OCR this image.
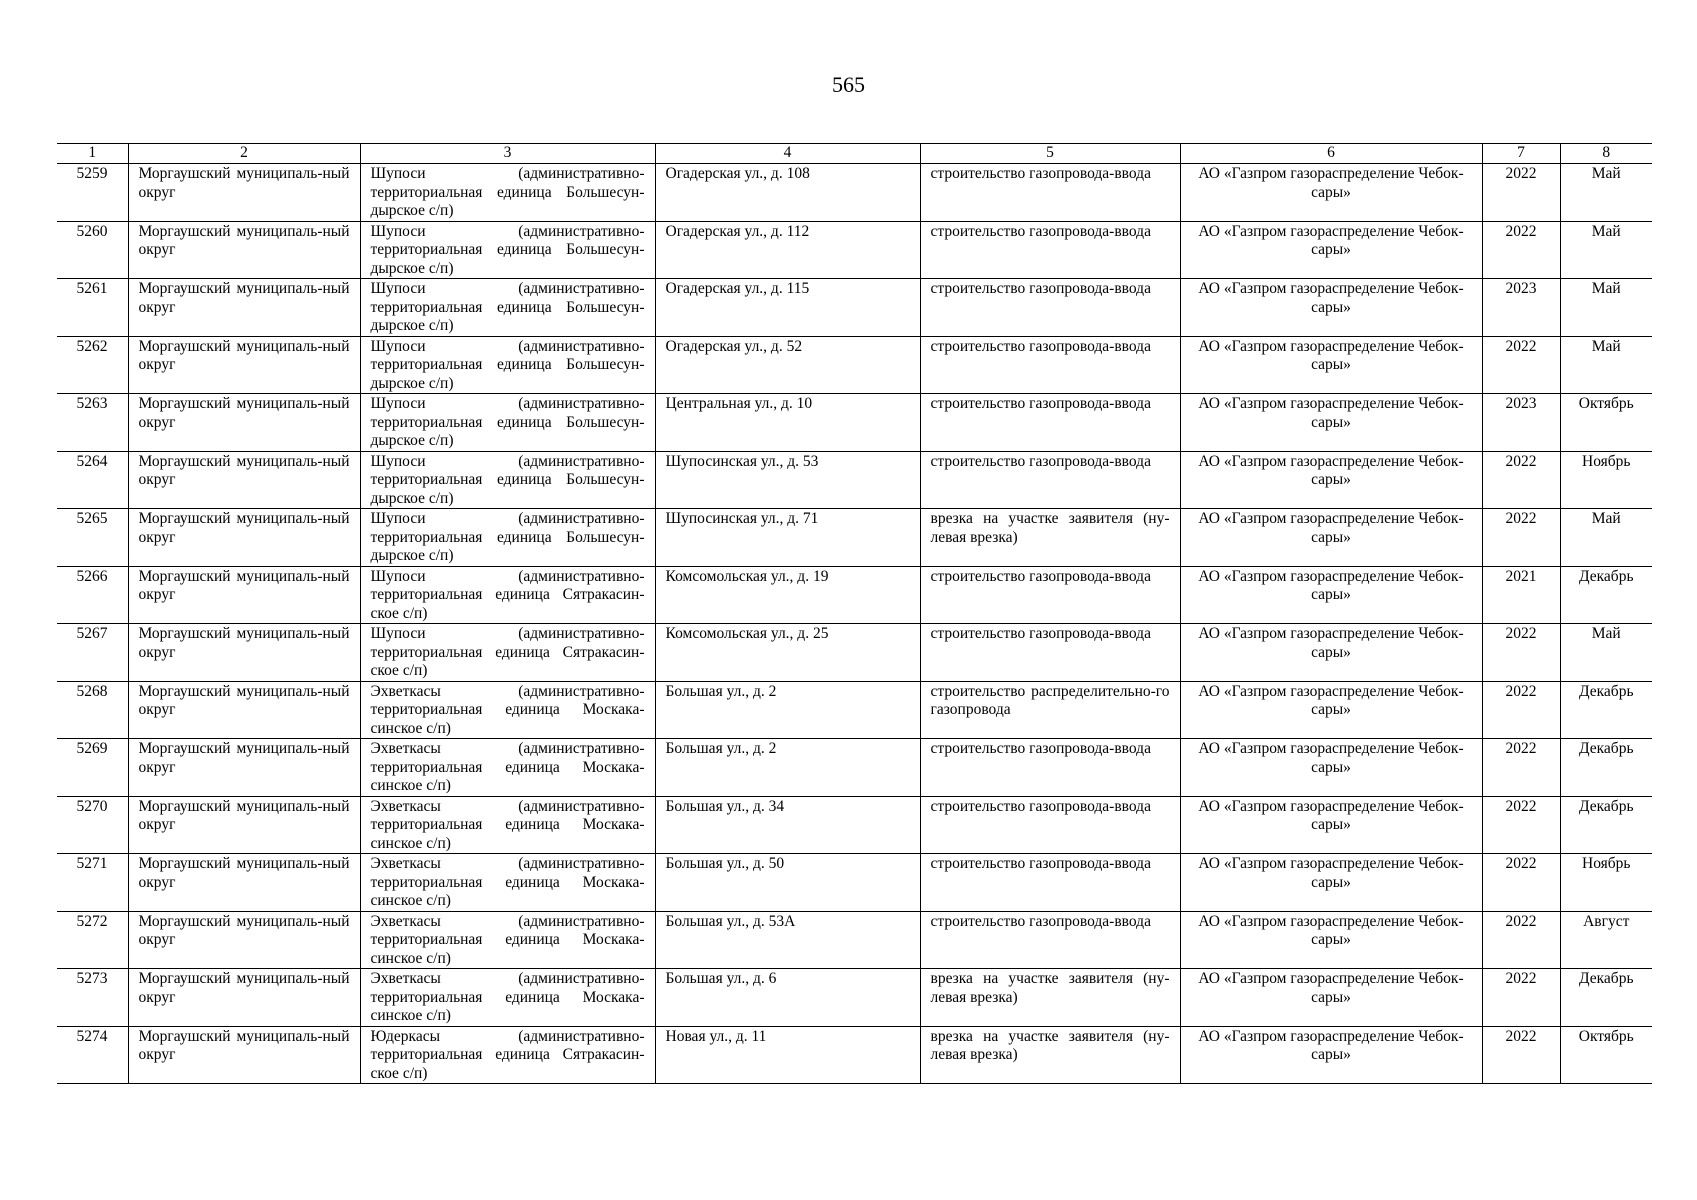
565
1	2	3	4	5	6	7	8
5259	Моргаушский муниципаль-ный округ	Шупоси (административно-территориальная единица Большесун-дырское с/п)	Огадерская ул., д. 108	строительство газопровода-ввода	АО «Газпром газораспределение Чебок-сары»	2022	Май
5260	Моргаушский муниципаль-ный округ	Шупоси (административно-территориальная единица Большесун-дырское с/п)	Огадерская ул., д. 112	строительство газопровода-ввода	АО «Газпром газораспределение Чебок-сары»	2022	Май
5261	Моргаушский муниципаль-ный округ	Шупоси (административно-территориальная единица Большесун-дырское с/п)	Огадерская ул., д. 115	строительство газопровода-ввода	АО «Газпром газораспределение Чебок-сары»	2023	Май
5262	Моргаушский муниципаль-ный округ	Шупоси (административно-территориальная единица Большесун-дырское с/п)	Огадерская ул., д. 52	строительство газопровода-ввода	АО «Газпром газораспределение Чебок-сары»	2022	Май
5263	Моргаушский муниципаль-ный округ	Шупоси (административно-территориальная единица Большесун-дырское с/п)	Центральная ул., д. 10	строительство газопровода-ввода	АО «Газпром газораспределение Чебок-сары»	2023	Октябрь
5264	Моргаушский муниципаль-ный округ	Шупоси (административно-территориальная единица Большесун-дырское с/п)	Шупосинская ул., д. 53	строительство газопровода-ввода	АО «Газпром газораспределение Чебок-сары»	2022	Ноябрь
5265	Моргаушский муниципаль-ный округ	Шупоси (административно-территориальная единица Большесун-дырское с/п)	Шупосинская ул., д. 71	врезка на участке заявителя (ну-левая врезка)	АО «Газпром газораспределение Чебок-сары»	2022	Май
5266	Моргаушский муниципаль-ный округ	Шупоси (административно-территориальная единица Сятракасин-ское с/п)	Комсомольская ул., д. 19	строительство газопровода-ввода	АО «Газпром газораспределение Чебок-сары»	2021	Декабрь
5267	Моргаушский муниципаль-ный округ	Шупоси (административно-территориальная единица Сятракасин-ское с/п)	Комсомольская ул., д. 25	строительство газопровода-ввода	АО «Газпром газораспределение Чебок-сары»	2022	Май
5268	Моргаушский муниципаль-ный округ	Эхветкасы (административно-территориальная единица Москака-синское с/п)	Большая ул., д. 2	строительство распределительно-го газопровода	АО «Газпром газораспределение Чебок-сары»	2022	Декабрь
5269	Моргаушский муниципаль-ный округ	Эхветкасы (административно-территориальная единица Москака-синское с/п)	Большая ул., д. 2	строительство газопровода-ввода	АО «Газпром газораспределение Чебок-сары»	2022	Декабрь
5270	Моргаушский муниципаль-ный округ	Эхветкасы (административно-территориальная единица Москака-синское с/п)	Большая ул., д. 34	строительство газопровода-ввода	АО «Газпром газораспределение Чебок-сары»	2022	Декабрь
5271	Моргаушский муниципаль-ный округ	Эхветкасы (административно-территориальная единица Москака-синское с/п)	Большая ул., д. 50	строительство газопровода-ввода	АО «Газпром газораспределение Чебок-сары»	2022	Ноябрь
5272	Моргаушский муниципаль-ный округ	Эхветкасы (административно-территориальная единица Москака-синское с/п)	Большая ул., д. 53А	строительство газопровода-ввода	АО «Газпром газораспределение Чебок-сары»	2022	Август
5273	Моргаушский муниципаль-ный округ	Эхветкасы (административно-территориальная единица Москака-синское с/п)	Большая ул., д. 6	врезка на участке заявителя (ну-левая врезка)	АО «Газпром газораспределение Чебок-сары»	2022	Декабрь
5274	Моргаушский муниципаль-ный округ	Юдеркасы (административно-территориальная единица Сятракасин-ское с/п)	Новая ул., д. 11	врезка на участке заявителя (ну-левая врезка)	АО «Газпром газораспределение Чебок-сары»	2022	Октябрь
